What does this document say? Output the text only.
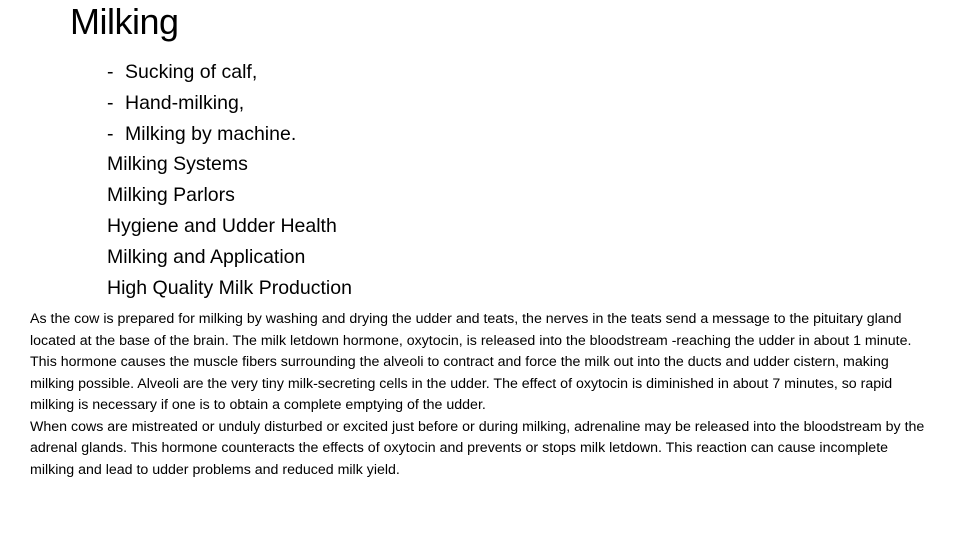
Milking
- Sucking of calf,
- Hand-milking,
- Milking by machine.
Milking Systems
Milking Parlors
Hygiene and Udder Health
Milking and Application
High Quality Milk Production

As the cow is prepared for milking by washing and drying the udder and teats, the nerves in the teats send a message to the pituitary gland located at the base of the brain. The milk letdown hormone, oxytocin, is released into the bloodstream -reaching the udder in about 1 minute. This hormone causes the muscle fibers surrounding the alveoli to contract and force the milk out into the ducts and udder cistern, making milking possible. Alveoli are the very tiny milk-secreting cells in the udder. The effect of oxytocin is diminished in about 7 minutes, so rapid milking is necessary if one is to obtain a complete emptying of the udder.

When cows are mistreated or unduly disturbed or excited just before or during milking, adrenaline may be released into the bloodstream by the adrenal glands. This hormone counteracts the effects of oxytocin and prevents or stops milk letdown. This reaction can cause incomplete milking and lead to udder problems and reduced milk yield.
